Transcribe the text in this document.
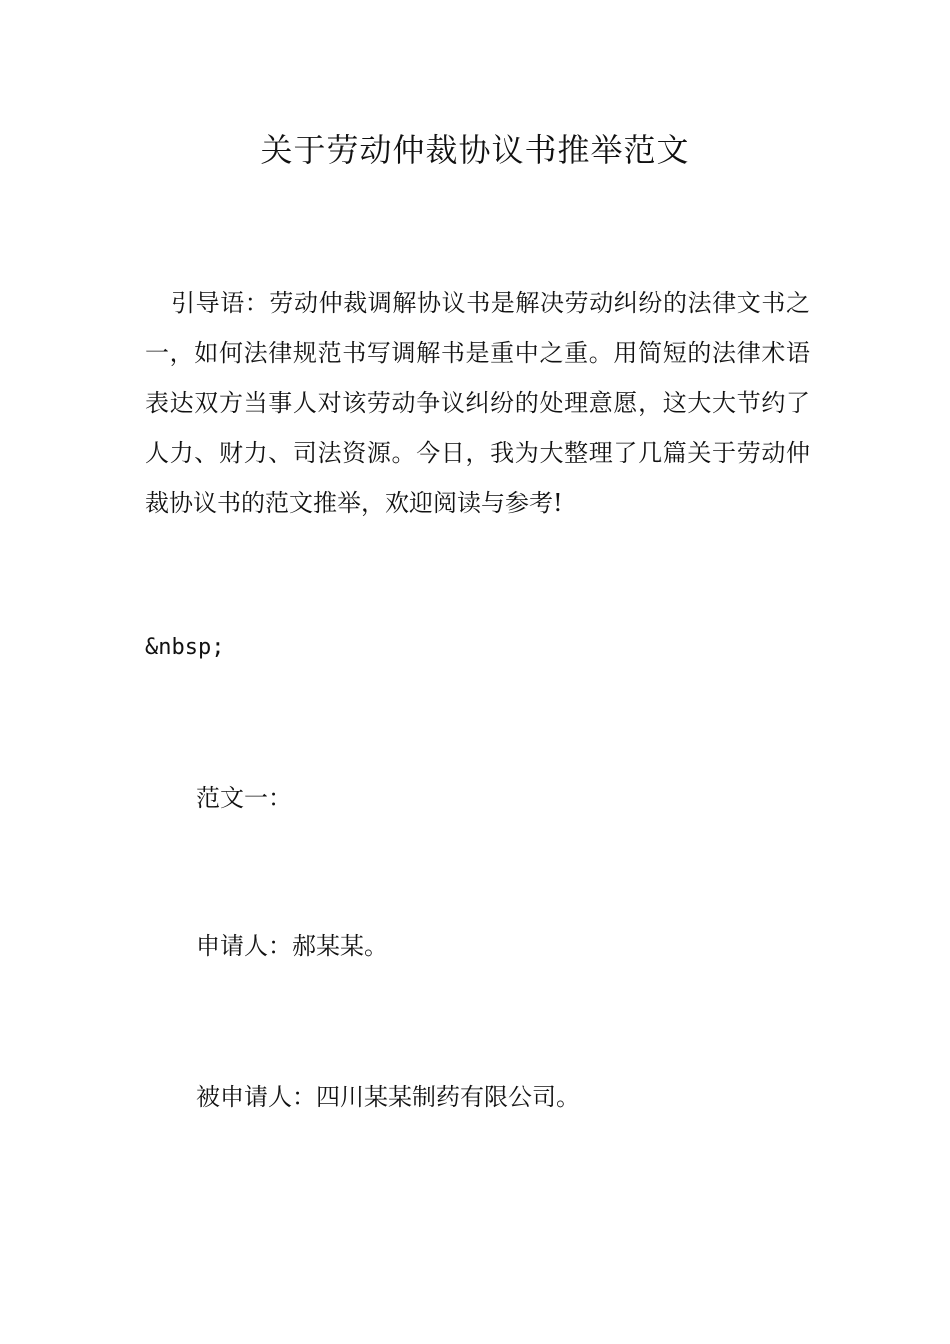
关于劳动仲裁协议书推举范文

引导语：劳动仲裁调解协议书是解决劳动纠纷的法律文书之一，如何法律规范书写调解书是重中之重。用简短的法律术语表达双方当事人对该劳动争议纠纷的处理意愿，这大大节约了人力、财力、司法资源。今日，我为大整理了几篇关于劳动仲裁协议书的范文推举，欢迎阅读与参考!

&nbsp;

范文一：

申请人：郝某某。

被申请人：四川某某制药有限公司。
